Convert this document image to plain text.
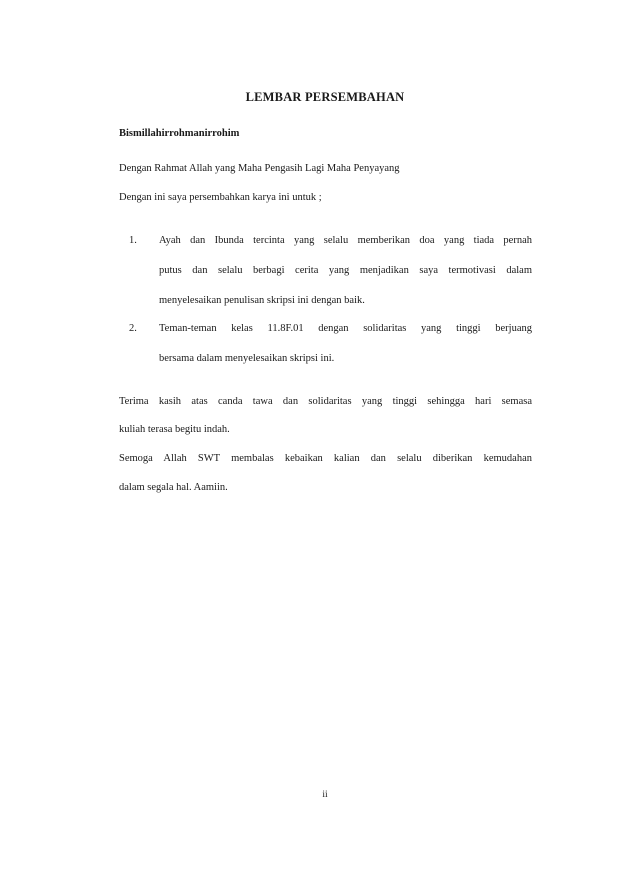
LEMBAR PERSEMBAHAN
Bismillahirrohmanirrohim
Dengan Rahmat Allah yang Maha Pengasih Lagi Maha Penyayang
Dengan ini saya persembahkan karya ini untuk ;
1.	Ayah dan Ibunda tercinta yang selalu memberikan doa yang tiada pernah
putus dan selalu berbagi cerita yang menjadikan saya termotivasi dalam
menyelesaikan penulisan skripsi ini dengan baik.
2.	Teman-teman kelas 11.8F.01 dengan solidaritas yang tinggi berjuang
bersama dalam menyelesaikan skripsi ini.
Terima kasih atas canda tawa dan solidaritas yang tinggi sehingga hari semasa
kuliah terasa begitu indah.
Semoga Allah SWT membalas kebaikan kalian dan selalu diberikan kemudahan
dalam segala hal. Aamiin.
ii
